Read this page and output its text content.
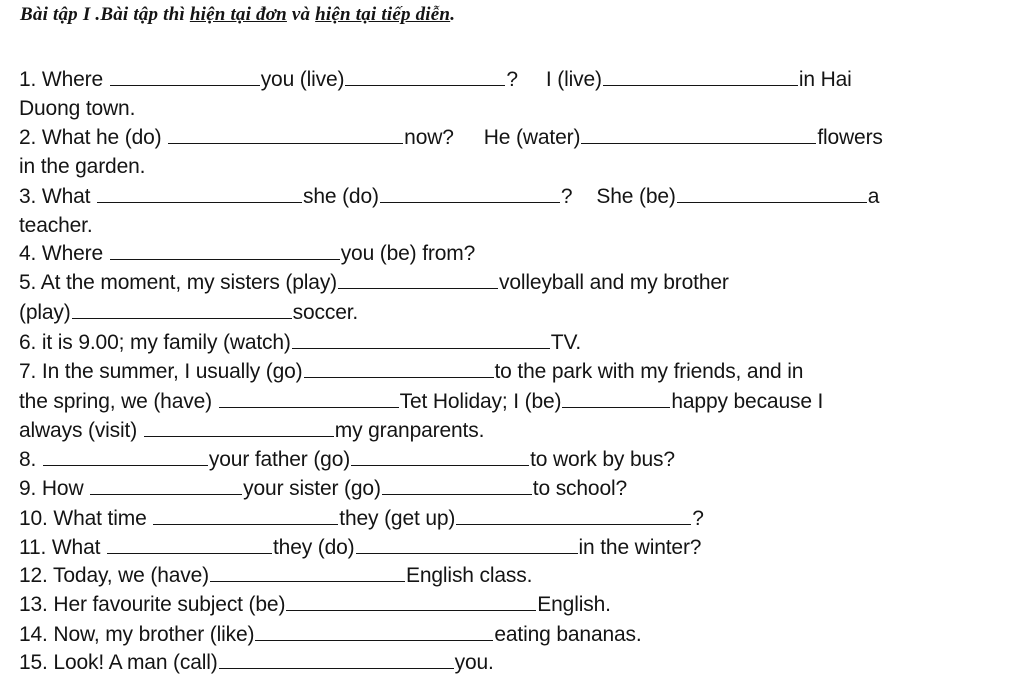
Bài tập I .Bài tập thì hiện tại đơn và hiện tại tiếp diễn.
1. Where	you (live)	? I (live)	in Hai
Duong town.
2. What he (do)	now? He (water)	flowers
in the garden.
3. What	she (do)	? She (be)	a
teacher.
4. Where	you (be) from?
5. At the moment, my sisters (play)	volleyball and my brother
(play)	soccer.
6. it is 9.00; my family (watch)	TV.
7. In the summer, I usually (go)	to the park with my friends, and in
the spring, we (have)	Tet Holiday; I (be)	happy because I
always (visit)	my granparents.
8.	your father (go)	to work by bus?
9. How	your sister (go)	to school?
10. What time	they (get up)	?
11. What	they (do)	in the winter?
12. Today, we (have)	English class.
13. Her favourite subject (be)	English.
14. Now, my brother (like)	eating bananas.
15. Look! A man (call)	you.
